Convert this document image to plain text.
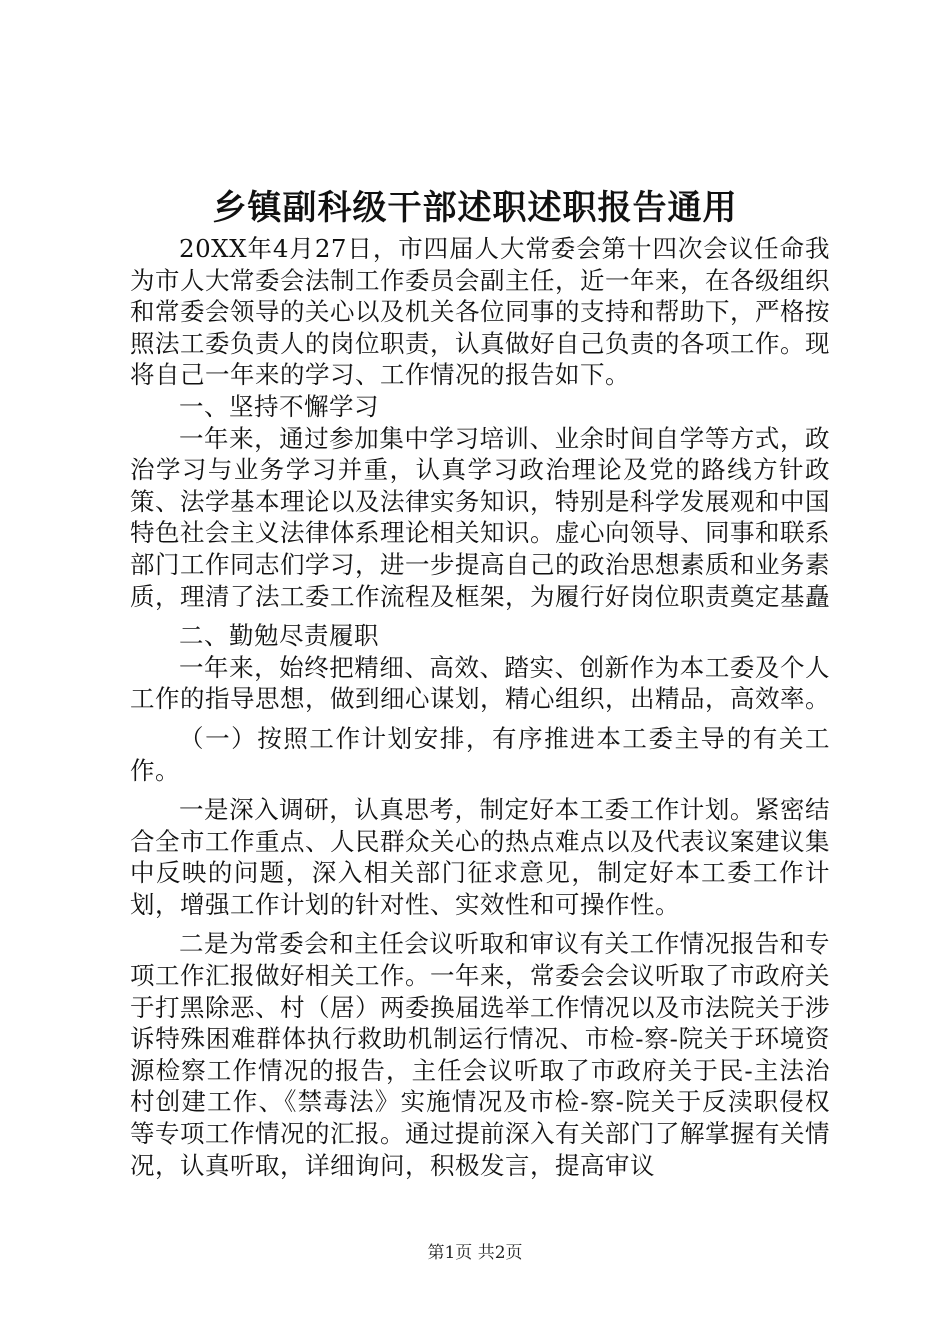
乡镇副科级干部述职述职报告通用

20XX年4月27日，市四届人大常委会第十四次会议任命我为市人大常委会法制工作委员会副主任，近一年来，在各级组织和常委会领导的关心以及机关各位同事的支持和帮助下，严格按照法工委负责人的岗位职责，认真做好自己负责的各项工作。现将自己一年来的学习、工作情况的报告如下。

一、坚持不懈学习

一年来，通过参加集中学习培训、业余时间自学等方式，政治学习与业务学习并重，认真学习政治理论及党的路线方针政策、法学基本理论以及法律实务知识，特别是科学发展观和中国特色社会主义法律体系理论相关知识。虚心向领导、同事和联系部门工作同志们学习，进一步提高自己的政治思想素质和业务素质，理清了法工委工作流程及框架，为履行好岗位职责奠定基矗

二、勤勉尽责履职

一年来，始终把精细、高效、踏实、创新作为本工委及个人工作的指导思想，做到细心谋划，精心组织，出精品，高效率。

（一）按照工作计划安排，有序推进本工委主导的有关工作。

一是深入调研，认真思考，制定好本工委工作计划。紧密结合全市工作重点、人民群众关心的热点难点以及代表议案建议集中反映的问题，深入相关部门征求意见，制定好本工委工作计划，增强工作计划的针对性、实效性和可操作性。

二是为常委会和主任会议听取和审议有关工作情况报告和专项工作汇报做好相关工作。一年来，常委会会议听取了市政府关于打黑除恶、村（居）两委换届选举工作情况以及市法院关于涉诉特殊困难群体执行救助机制运行情况、市检-察-院关于环境资源检察工作情况的报告，主任会议听取了市政府关于民-主法治村创建工作、《禁毒法》实施情况及市检-察-院关于反渎职侵权等专项工作情况的汇报。通过提前深入有关部门了解掌握有关情况，认真听取，详细询问，积极发言，提高审议

第1页 共2页
